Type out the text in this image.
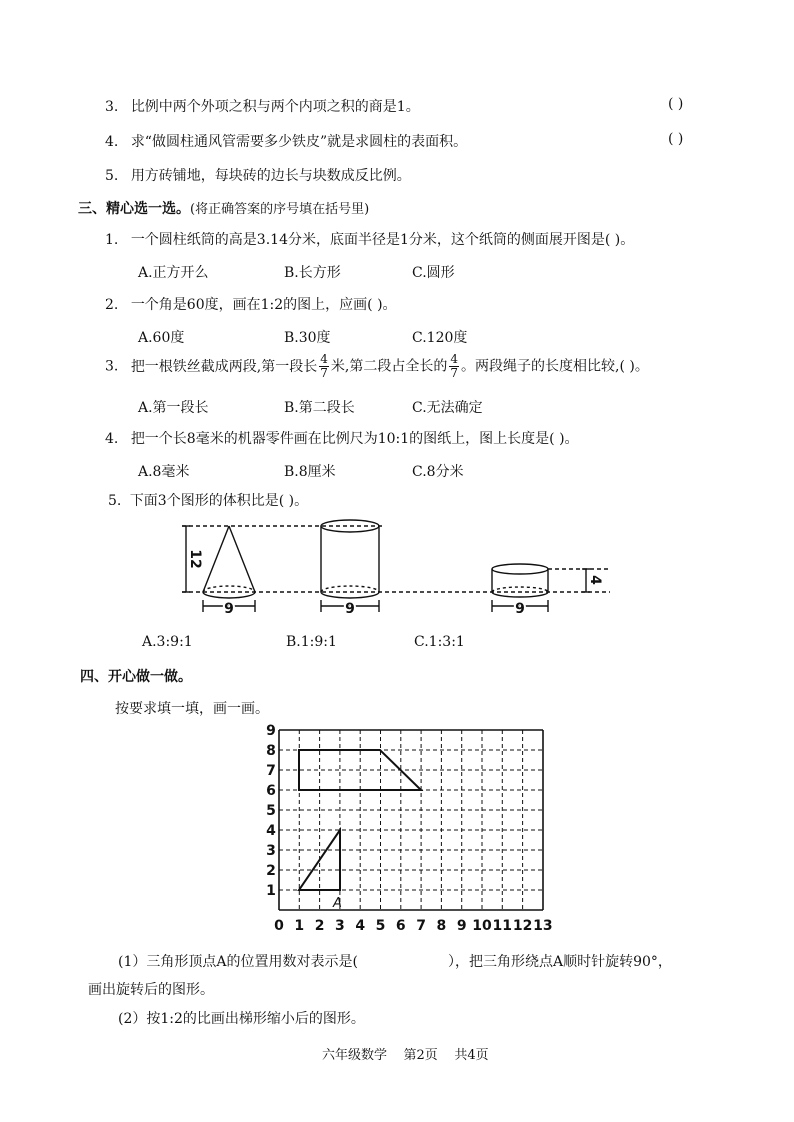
3. 比例中两个外项之积与两个内项之积的商是1。	( )
4. 求“做圆柱通风管需要多少铁皮”就是求圆柱的表面积。	( )
5. 用方砖铺地，每块砖的边长与块数成反比例。
三、精心选一选。(将正确答案的序号填在括号里)
1. 一个圆柱纸筒的高是3.14分米，底面半径是1分米，这个纸筒的侧面展开图是( )。
A.正方开么	B.长方形	C.圆形
2. 一个角是60度，画在1:2的图上，应画( )。
A.60度	B.30度	C.120度
3. 把一根铁丝截成两段,第一段长 $\frac{4}{7}$ 米,第二段占全长的 $\frac{4}{7}$ 。两段绳子的长度相比较,( )。
A.第一段长	B.第二段长	C.无法确定
4. 把一个长8毫米的机器零件画在比例尺为10:1的图纸上，图上长度是( )。
A.8毫米	B.8厘米	C.8分米
5. 下面3个图形的体积比是( )。
12
9	9	9
4
A.3:9:1	B.1:9:1	C.1:3:1
四、开心做一做。
按要求填一填，画一画。
0 1 2 3 4 5 6 7 8 9 10 11 12 13
1
2
3
4
5
6
7
8
9
A
(1）三角形顶点A的位置用数对表示是(	），把三角形绕点A顺时针旋转90°，
画出旋转后的图形。
(2）按1:2的比画出梯形缩小后的图形。
六年级数学    第2页    共4页
